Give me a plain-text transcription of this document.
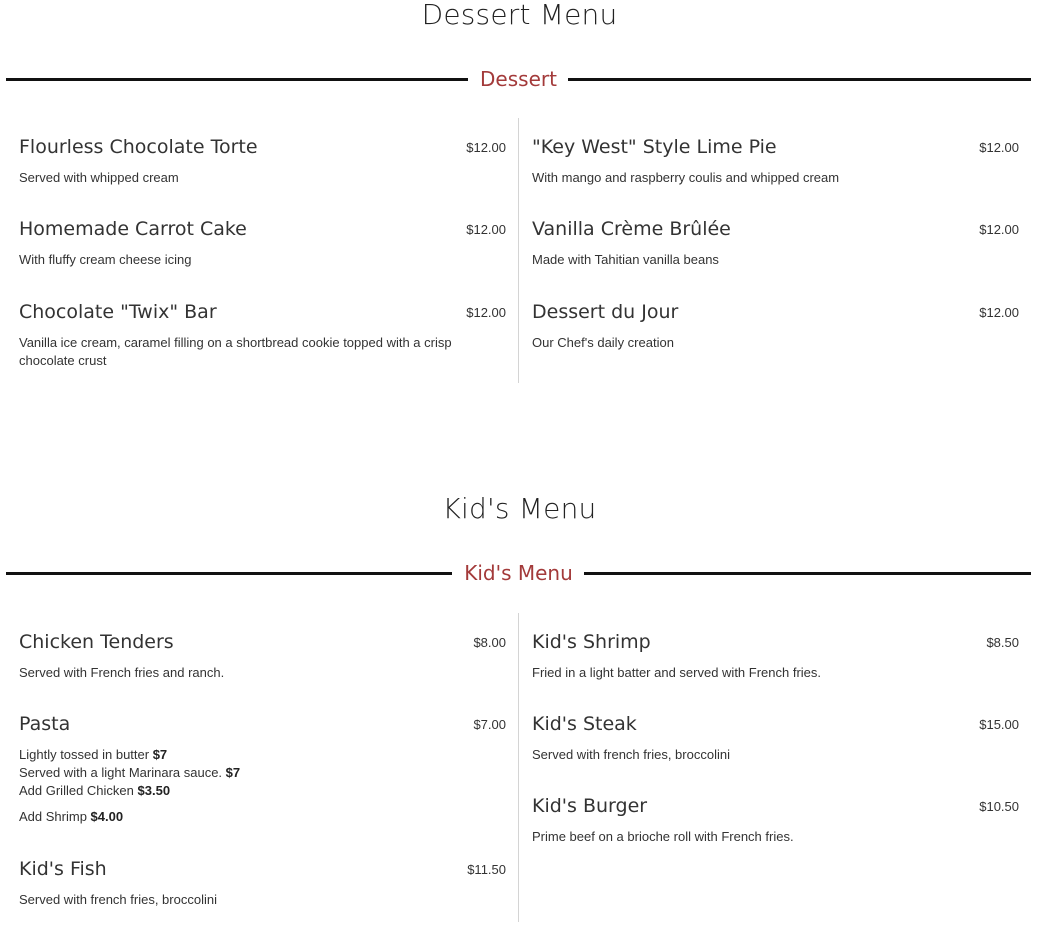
Dessert Menu
Dessert
Flourless Chocolate Torte	$12.00
Served with whipped cream
Homemade Carrot Cake	$12.00
With fluffy cream cheese icing
Chocolate "Twix" Bar	$12.00
Vanilla ice cream, caramel filling on a shortbread cookie topped with a crisp chocolate crust
"Key West" Style Lime Pie	$12.00
With mango and raspberry coulis and whipped cream
Vanilla Crème Brûlée	$12.00
Made with Tahitian vanilla beans
Dessert du Jour	$12.00
Our Chef's daily creation
Kid's Menu
Kid's Menu
Chicken Tenders	$8.00
Served with French fries and ranch.
Pasta	$7.00
Lightly tossed in butter $7
Served with a light Marinara sauce. $7
Add Grilled Chicken $3.50
Add Shrimp $4.00
Kid's Fish	$11.50
Served with french fries, broccolini
Kid's Shrimp	$8.50
Fried in a light batter and served with French fries.
Kid's Steak	$15.00
Served with french fries, broccolini
Kid's Burger	$10.50
Prime beef on a brioche roll with French fries.
